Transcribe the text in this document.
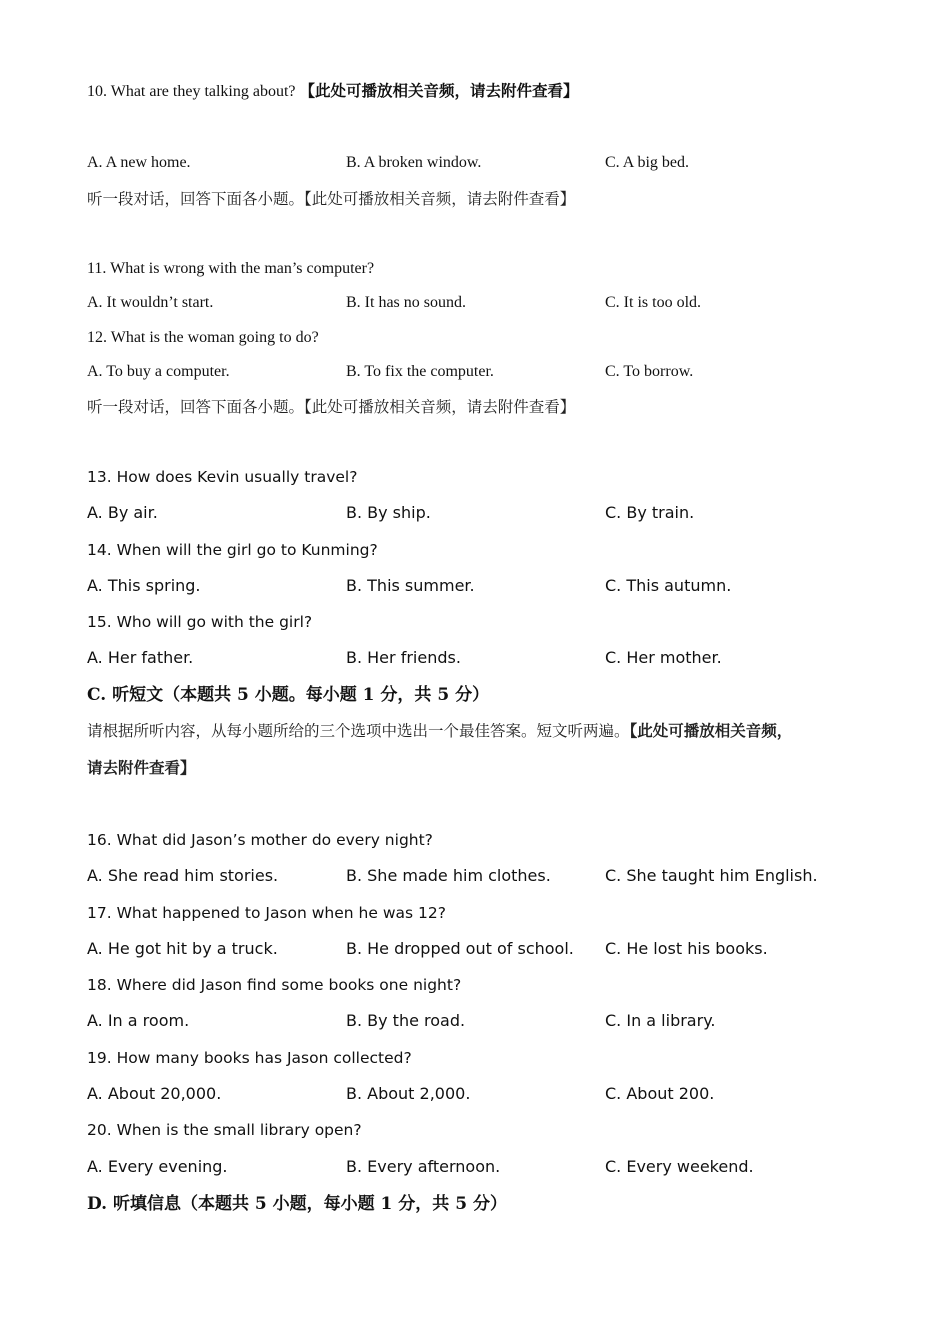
10. What are they talking about? 【此处可播放相关音频，请去附件查看】
A. A new home.	B. A broken window.	C. A big bed.
听一段对话，回答下面各小题。【此处可播放相关音频，请去附件查看】
11. What is wrong with the man’s computer?
A. It wouldn’t start.	B. It has no sound.	C. It is too old.
12. What is the woman going to do?
A. To buy a computer.	B. To fix the computer.	C. To borrow.
听一段对话，回答下面各小题。【此处可播放相关音频，请去附件查看】
13. How does Kevin usually travel?
A. By air.	B. By ship.	C. By train.
14. When will the girl go to Kunming?
A. This spring.	B. This summer.	C. This autumn.
15. Who will go with the girl?
A. Her father.	B. Her friends.	C. Her mother.
C. 听短文（本题共 5 小题。每小题 1 分，共 5 分）
请根据所听内容，从每小题所给的三个选项中选出一个最佳答案。短文听两遍。【此处可播放相关音频，
请去附件查看】
16. What did Jason’s mother do every night?
A. She read him stories.	B. She made him clothes.	C. She taught him English.
17. What happened to Jason when he was 12?
A. He got hit by a truck.	B. He dropped out of school. C. He lost his books.
18. Where did Jason find some books one night?
A. In a room.	B. By the road.	C. In a library.
19. How many books has Jason collected?
A. About 20,000.	B. About 2,000.	C. About 200.
20. When is the small library open?
A. Every evening.	B. Every afternoon.	C. Every weekend.
D. 听填信息（本题共 5 小题，每小题 1 分，共 5 分）
